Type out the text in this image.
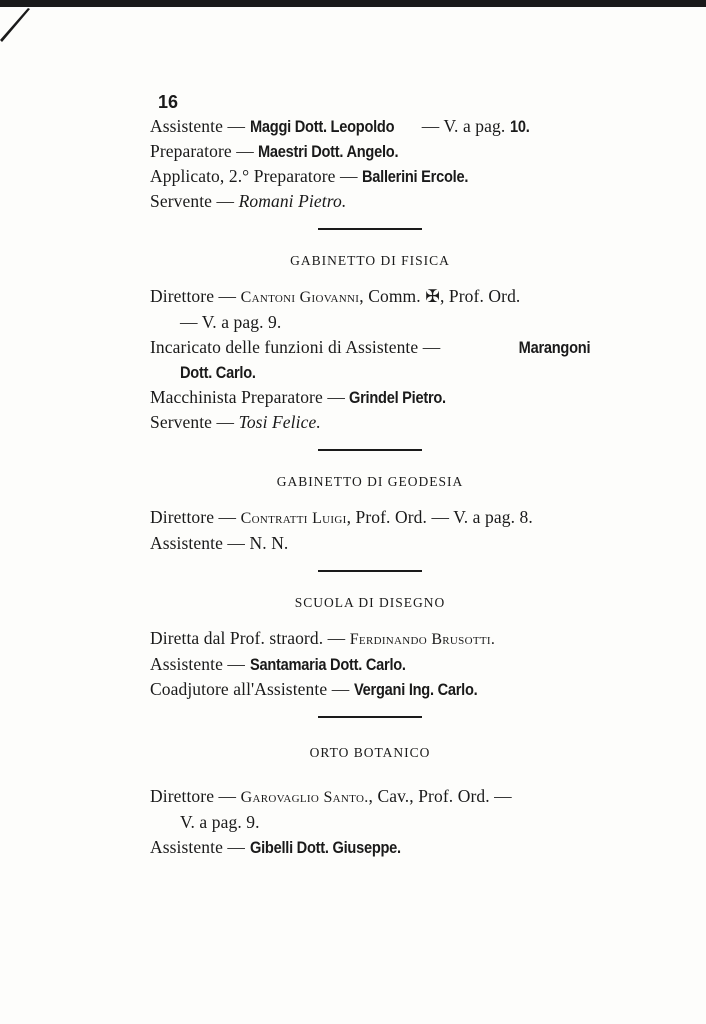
16
Assistente — Maggi Dott. Leopoldo — V. a pag. 10.
Preparatore — Maestri Dott. Angelo.
Applicato, 2.° Preparatore — Ballerini Ercole.
Servente — Romani Pietro.
GABINETTO DI FISICA
Direttore — Cantoni Giovanni, Comm. ✠, Prof. Ord.
— V. a pag. 9.
Incaricato delle funzioni di Assistente —	Marangoni
Dott. Carlo.
Macchinista Preparatore — Grindel Pietro.
Servente — Tosi Felice.
GABINETTO DI GEODESIA
Direttore — Contratti Luigi, Prof. Ord. — V. a pag. 8.
Assistente — N. N.
SCUOLA DI DISEGNO
Diretta dal Prof. straord. — Ferdinando Brusotti.
Assistente — Santamaria Dott. Carlo.
Coadjutore all'Assistente — Vergani Ing. Carlo.
ORTO BOTANICO
Direttore — Garovaglio Santo., Cav., Prof. Ord. —
V. a pag. 9.
Assistente — Gibelli Dott. Giuseppe.
